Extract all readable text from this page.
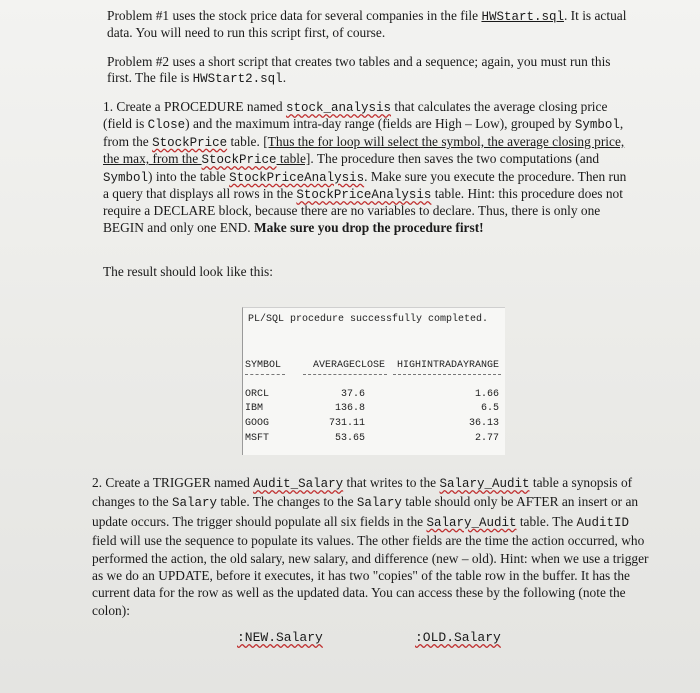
Problem #1 uses the stock price data for several companies in the file HWStart.sql. It is actual data. You will need to run this script first, of course.

Problem #2 uses a short script that creates two tables and a sequence; again, you must run this first. The file is HWStart2.sql.

1. Create a PROCEDURE named stock_analysis that calculates the average closing price (field is Close) and the maximum intra-day range (fields are High – Low), grouped by Symbol, from the StockPrice table. [Thus the for loop will select the symbol, the average closing price, the max, from the StockPrice table]. The procedure then saves the two computations (and Symbol) into the table StockPriceAnalysis. Make sure you execute the procedure. Then run a query that displays all rows in the StockPriceAnalysis table. Hint: this procedure does not require a DECLARE block, because there are no variables to declare. Thus, there is only one BEGIN and only one END. Make sure you drop the procedure first!

The result should look like this:

PL/SQL procedure successfully completed.
SYMBOL	AVERAGECLOSE HIGHINTRADAYRANGE
ORCL	37.6	1.66
IBM	136.8	6.5
GOOG	731.11	36.13
MSFT	53.65	2.77

2. Create a TRIGGER named Audit_Salary that writes to the Salary_Audit table a synopsis of changes to the Salary table. The changes to the Salary table should only be AFTER an insert or an update occurs. The trigger should populate all six fields in the Salary_Audit table. The AuditID field will use the sequence to populate its values. The other fields are the time the action occurred, who performed the action, the old salary, new salary, and difference (new – old). Hint: when we use a trigger as we do an UPDATE, before it executes, it has two "copies" of the table row in the buffer. It has the current data for the row as well as the updated data. You can access these by the following (note the colon):

:NEW.Salary	:OLD.Salary
